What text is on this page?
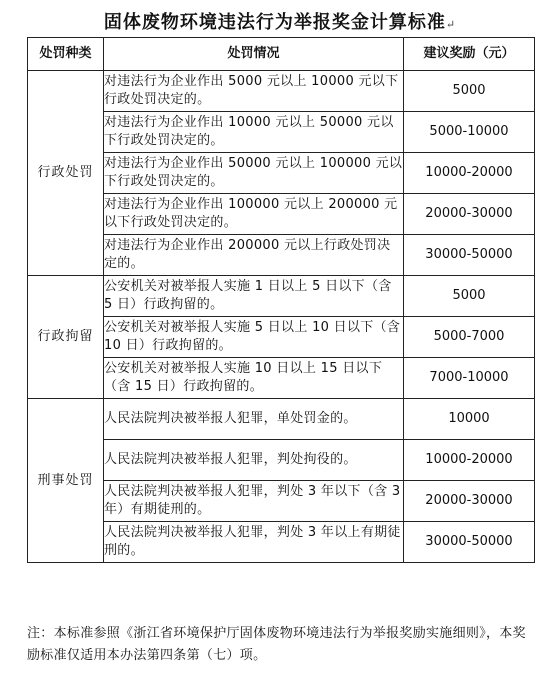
固体废物环境违法行为举报奖金计算标准↵
处罚种类	处罚情况	建议奖励（元）
行政处罚	对违法行为企业作出 5000 元以上 10000 元以下行政处罚决定的。	5000
	对违法行为企业作出 10000 元以上 50000 元以下行政处罚决定的。	5000-10000
	对违法行为企业作出 50000 元以上 100000 元以下行政处罚决定的。	10000-20000
	对违法行为企业作出 100000 元以上 200000 元以下行政处罚决定的。	20000-30000
	对违法行为企业作出 200000 元以上行政处罚决定的。	30000-50000
行政拘留	公安机关对被举报人实施 1 日以上 5 日以下（含 5 日）行政拘留的。	5000
	公安机关对被举报人实施 5 日以上 10 日以下（含 10 日）行政拘留的。	5000-7000
	公安机关对被举报人实施 10 日以上 15 日以下（含 15 日）行政拘留的。	7000-10000
刑事处罚	人民法院判决被举报人犯罪，单处罚金的。	10000
	人民法院判决被举报人犯罪，判处拘役的。	10000-20000
	人民法院判决被举报人犯罪，判处 3 年以下（含 3 年）有期徒刑的。	20000-30000
	人民法院判决被举报人犯罪，判处 3 年以上有期徒刑的。	30000-50000
注：本标准参照《浙江省环境保护厅固体废物环境违法行为举报奖励实施细则》，本奖励标准仅适用本办法第四条第（七）项。
